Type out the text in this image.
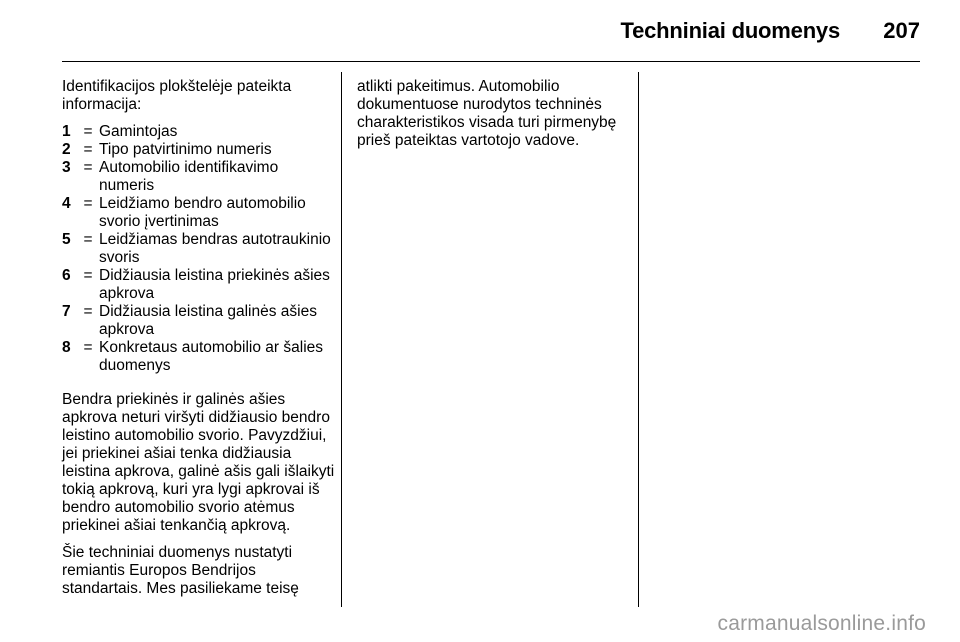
Techniniai duomenys 207

Identifikacijos plokštelėje pateikta informacija:

1 = Gamintojas
2 = Tipo patvirtinimo numeris
3 = Automobilio identifikavimo numeris
4 = Leidžiamo bendro automobilio svorio įvertinimas
5 = Leidžiamas bendras autotraukinio svoris
6 = Didžiausia leistina priekinės ašies apkrova
7 = Didžiausia leistina galinės ašies apkrova
8 = Konkretaus automobilio ar šalies duomenys

Bendra priekinės ir galinės ašies apkrova neturi viršyti didžiausio bendro leistino automobilio svorio. Pavyzdžiui, jei priekinei ašiai tenka didžiausia leistina apkrova, galinė ašis gali išlaikyti tokią apkrovą, kuri yra lygi apkrovai iš bendro automobilio svorio atėmus priekinei ašiai tenkančią apkrovą.

Šie techniniai duomenys nustatyti remiantis Europos Bendrijos standartais. Mes pasiliekame teisę

atlikti pakeitimus. Automobilio dokumentuose nurodytos techninės charakteristikos visada turi pirmenybę prieš pateiktas vartotojo vadove.

carmanualsonline.info
